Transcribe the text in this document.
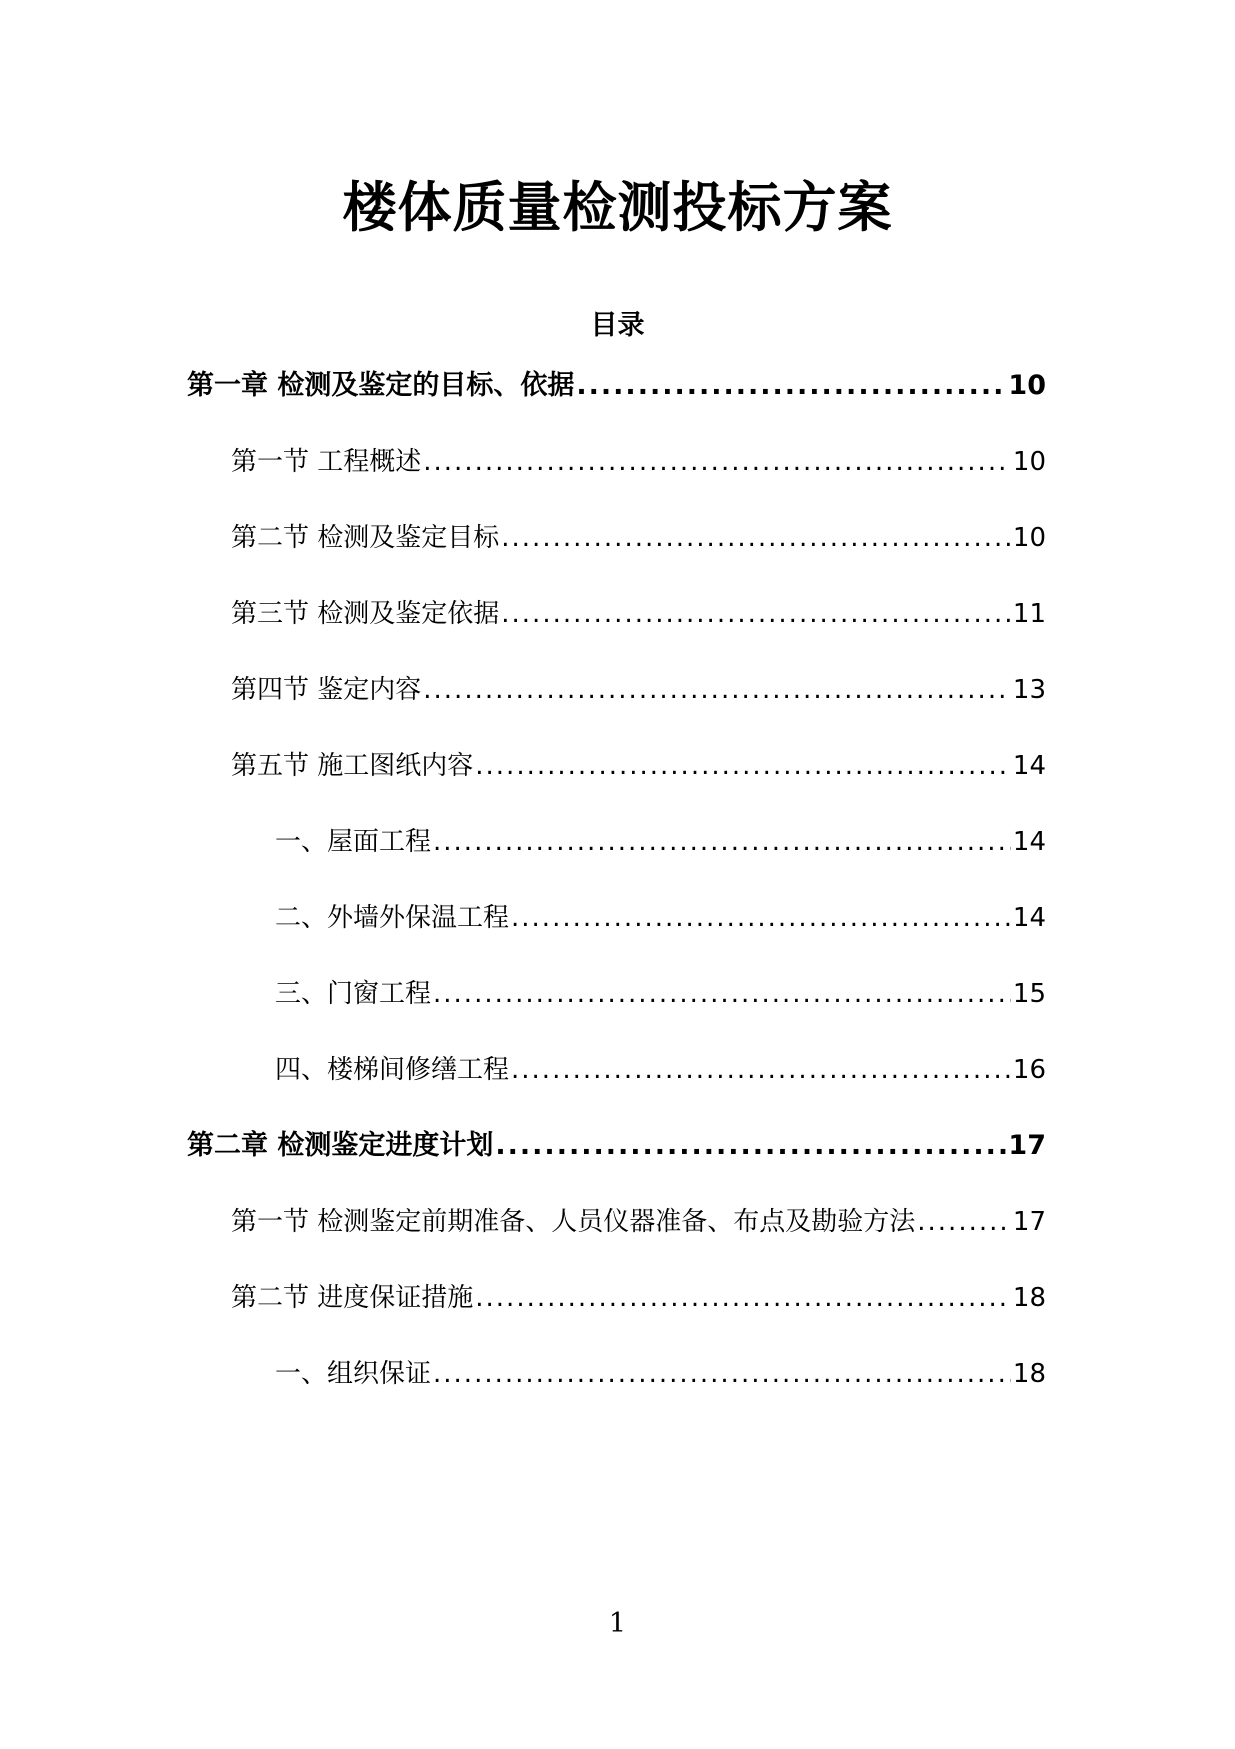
楼体质量检测投标方案
目录
第一章 检测及鉴定的目标、依据 .....	10
第一节 工程概述 .....	10
第二节 检测及鉴定目标 .....	10
第三节 检测及鉴定依据 .....	11
第四节 鉴定内容 .....	13
第五节 施工图纸内容 .....	14
一、屋面工程 .....	14
二、外墙外保温工程 .....	14
三、门窗工程 .....	15
四、楼梯间修缮工程 .....	16
第二章 检测鉴定进度计划 .....	17
第一节 检测鉴定前期准备、人员仪器准备、布点及勘验方法 .....	17
第二节 进度保证措施 .....	18
一、组织保证 .....	18
1
